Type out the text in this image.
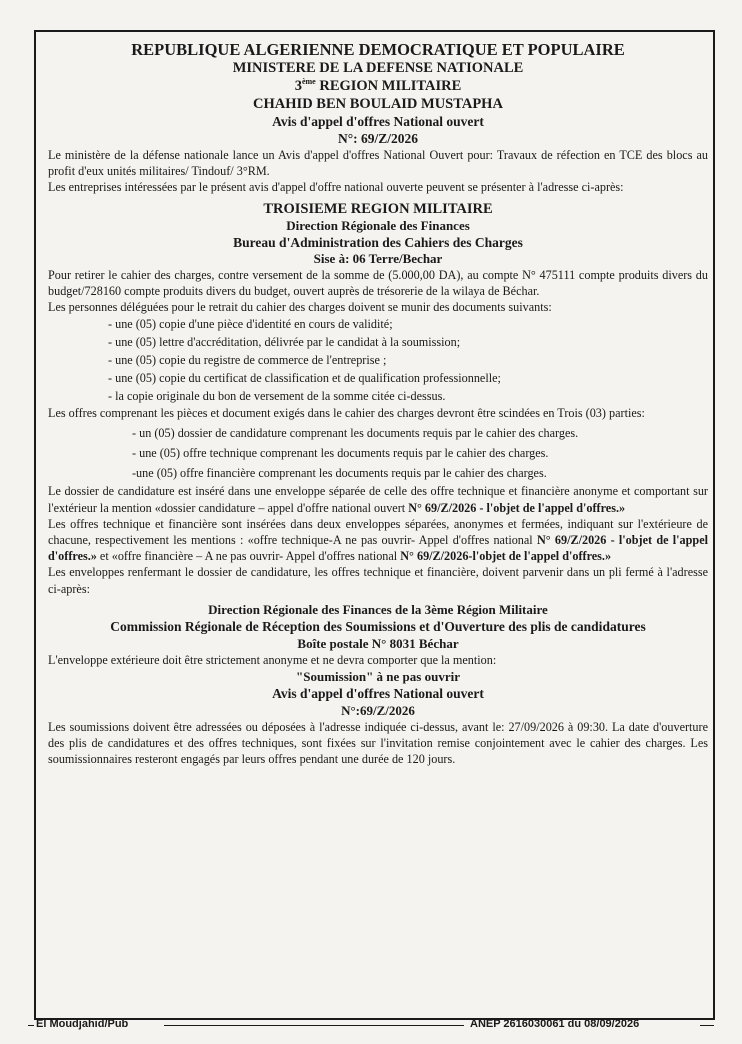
REPUBLIQUE ALGERIENNE DEMOCRATIQUE ET POPULAIRE
MINISTERE DE LA DEFENSE NATIONALE
3ème REGION MILITAIRE
CHAHID BEN BOULAID MUSTAPHA
Avis d'appel d'offres National ouvert
N°: 69/Z/2026

Le ministère de la défense nationale lance un Avis d'appel d'offres National Ouvert pour: Travaux de réfection en TCE des blocs au profit d'eux unités militaires/ Tindouf/ 3°RM.

Les entreprises intéressées par le présent avis d'appel d'offre national ouverte peuvent se présenter à l'adresse ci-après:

TROISIEME REGION MILITAIRE
Direction Régionale des Finances
Bureau d'Administration des Cahiers des Charges
Sise à: 06 Terre/Bechar

Pour retirer le cahier des charges, contre versement de la somme de (5.000,00 DA), au compte N° 475111 compte produits divers du budget/728160 compte produits divers du budget, ouvert auprès de trésorerie de la wilaya de Béchar.

Les personnes déléguées pour le retrait du cahier des charges doivent se munir des documents suivants:

- une (05) copie d'une pièce d'identité en cours de validité;
- une (05) lettre d'accréditation, délivrée par le candidat à la soumission;
- une (05) copie du registre de commerce de l'entreprise ;
- une (05) copie du certificat de classification et de qualification professionnelle;
- la copie originale du bon de versement de la somme citée ci-dessus.

Les offres comprenant les pièces et document exigés dans le cahier des charges devront être scindées en Trois (03) parties:

- un (05) dossier de candidature comprenant les documents requis par le cahier des charges.
- une (05) offre technique comprenant les documents requis par le cahier des charges.
-une (05) offre financière comprenant les documents requis par le cahier des charges.

Le dossier de candidature est inséré dans une enveloppe séparée de celle des offre technique et financière anonyme et comportant sur l'extérieur la mention «dossier candidature – appel d'offre national ouvert N° 69/Z/2026 - l'objet de l'appel d'offres.»

Les offres technique et financière sont insérées dans deux enveloppes séparées, anonymes et fermées, indiquant sur l'extérieure de chacune, respectivement les mentions : «offre technique-A ne pas ouvrir- Appel d'offres national N° 69/Z/2026 - l'objet de l'appel d'offres.» et «offre financière – A ne pas ouvrir- Appel d'offres national N° 69/Z/2026-l'objet de l'appel d'offres.»

Les enveloppes renfermant le dossier de candidature, les offres technique et financière, doivent parvenir dans un pli fermé à l'adresse ci-après:

Direction Régionale des Finances de la 3ème Région Militaire
Commission Régionale de Réception des Soumissions et d'Ouverture des plis de candidatures
Boîte postale N° 8031 Béchar

L'enveloppe extérieure doit être strictement anonyme et ne devra comporter que la mention:

"Soumission" à ne pas ouvrir
Avis d'appel d'offres National ouvert
N°:69/Z/2026

Les soumissions doivent être adressées ou déposées à l'adresse indiquée ci-dessus, avant le: 27/09/2026 à 09:30. La date d'ouverture des plis de candidatures et des offres techniques, sont fixées sur l'invitation remise conjointement avec le cahier des charges. Les soumissionnaires resteront engagés par leurs offres pendant une durée de 120 jours.

El Moudjahid/Pub	ANEP 2616030061 du 08/09/2026
